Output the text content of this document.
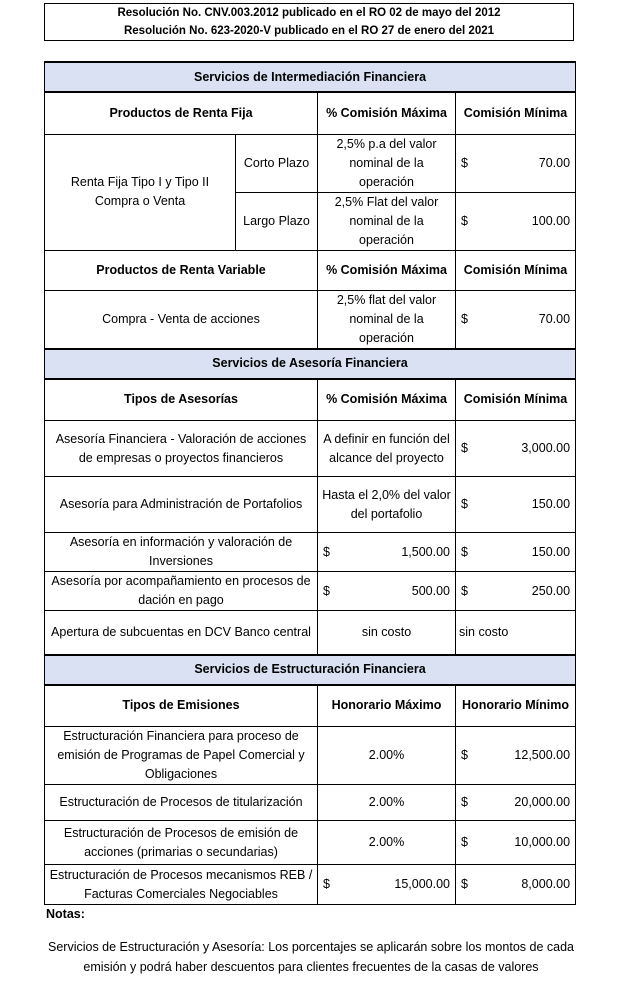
Resolución No. CNV.003.2012 publicado en el RO 02 de mayo del 2012
Resolución No. 623-2020-V publicado en el RO 27 de enero del 2021
Servicios de Intermediación Financiera			
Productos de Renta Fija		% Comisión Máxima	Comisión Mínima
Renta Fija Tipo I y Tipo II Compra o Venta	Corto Plazo	2,5% p.a del valor nominal de la operación	$ 70.00

	Largo Plazo	2,5% Flat del valor nominal de la operación	$ 100.00

Productos de Renta Variable		% Comisión Máxima	Comisión Mínima
Compra - Venta de acciones		2,5% flat del valor nominal de la operación	$ 70.00

Servicios de Asesoría Financiera			
Tipos de Asesorías		% Comisión Máxima	Comisión Mínima
Asesoría Financiera - Valoración de acciones de empresas o proyectos financieros		A definir en función del alcance del proyecto	$ 3,000.00

Asesoría para Administración de Portafolios		Hasta el 2,0% del valor del portafolio	$ 150.00

Asesoría en información y valoración de Inversiones		$ 1,500.00	$ 150.00

Asesoría por acompañamiento en procesos de dación en pago		$ 500.00	$ 250.00

Apertura de subcuentas en DCV Banco central		sin costo	sin costo
Servicios de Estructuración Financiera			
Tipos de Emisiones		Honorario Máximo	Honorario Mínimo
Estructuración Financiera para proceso de emisión de Programas de Papel Comercial y Obligaciones		2.00%	$ 12,500.00

Estructuración de Procesos de titularización		2.00%	$ 20,000.00

Estructuración de Procesos de emisión de acciones (primarias o secundarias)		2.00%	$ 10,000.00

Estructuración de Procesos mecanismos REB / Facturas Comerciales Negociables		$ 15,000.00	$ 8,000.00
Notas:
Servicios de Estructuración y Asesoría: Los porcentajes se aplicarán sobre los montos de cada emisión y podrá haber descuentos para clientes frecuentes de la casas de valores
